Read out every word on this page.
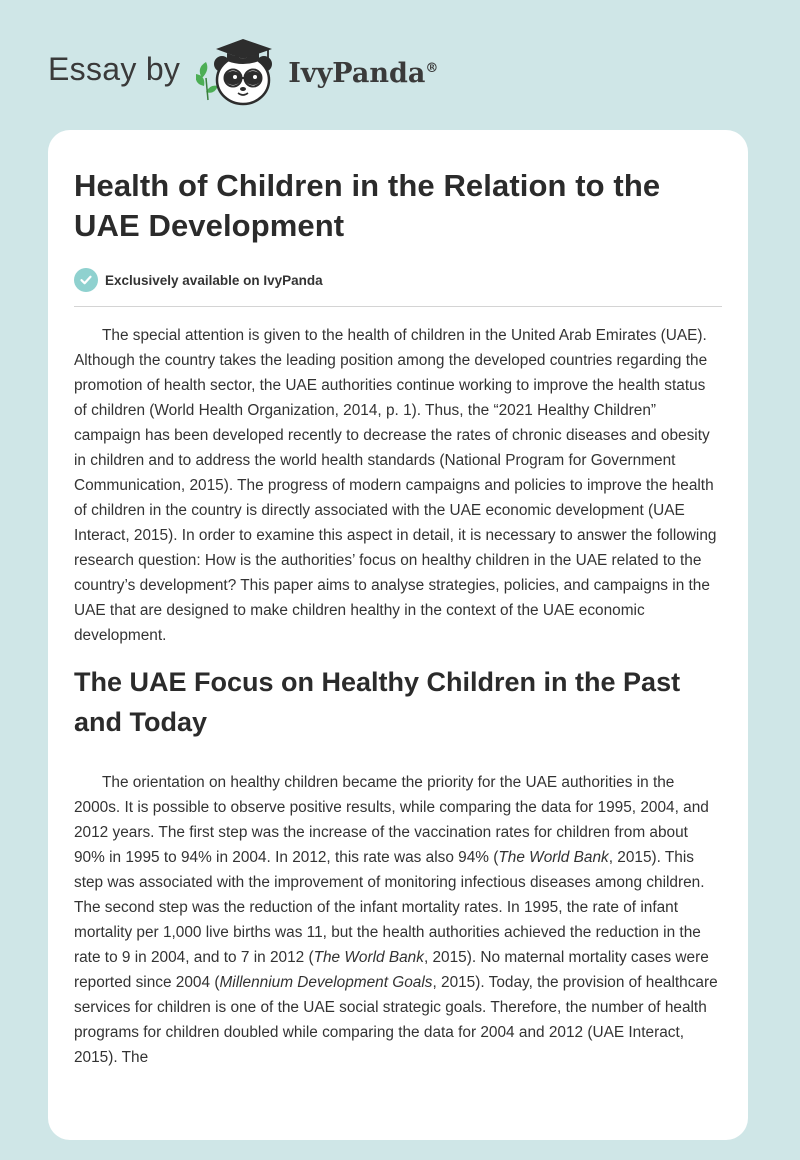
Essay by	IvyPanda®
Health of Children in the Relation to the UAE Development
Exclusively available on IvyPanda

The special attention is given to the health of children in the United Arab Emirates (UAE). Although the country takes the leading position among the developed countries regarding the promotion of health sector, the UAE authorities continue working to improve the health status of children (World Health Organization, 2014, p. 1). Thus, the “2021 Healthy Children” campaign has been developed recently to decrease the rates of chronic diseases and obesity in children and to address the world health standards (National Program for Government Communication, 2015). The progress of modern campaigns and policies to improve the health of children in the country is directly associated with the UAE economic development (UAE Interact, 2015). In order to examine this aspect in detail, it is necessary to answer the following research question: How is the authorities’ focus on healthy children in the UAE related to the country’s development? This paper aims to analyse strategies, policies, and campaigns in the UAE that are designed to make children healthy in the context of the UAE economic development.

The UAE Focus on Healthy Children in the Past and Today

The orientation on healthy children became the priority for the UAE authorities in the 2000s. It is possible to observe positive results, while comparing the data for 1995, 2004, and 2012 years. The first step was the increase of the vaccination rates for children from about 90% in 1995 to 94% in 2004. In 2012, this rate was also 94% (The World Bank, 2015). This step was associated with the improvement of monitoring infectious diseases among children. The second step was the reduction of the infant mortality rates. In 1995, the rate of infant mortality per 1,000 live births was 11, but the health authorities achieved the reduction in the rate to 9 in 2004, and to 7 in 2012 (The World Bank, 2015). No maternal mortality cases were reported since 2004 (Millennium Development Goals, 2015). Today, the provision of healthcare services for children is one of the UAE social strategic goals. Therefore, the number of health programs for children doubled while comparing the data for 2004 and 2012 (UAE Interact, 2015). The
